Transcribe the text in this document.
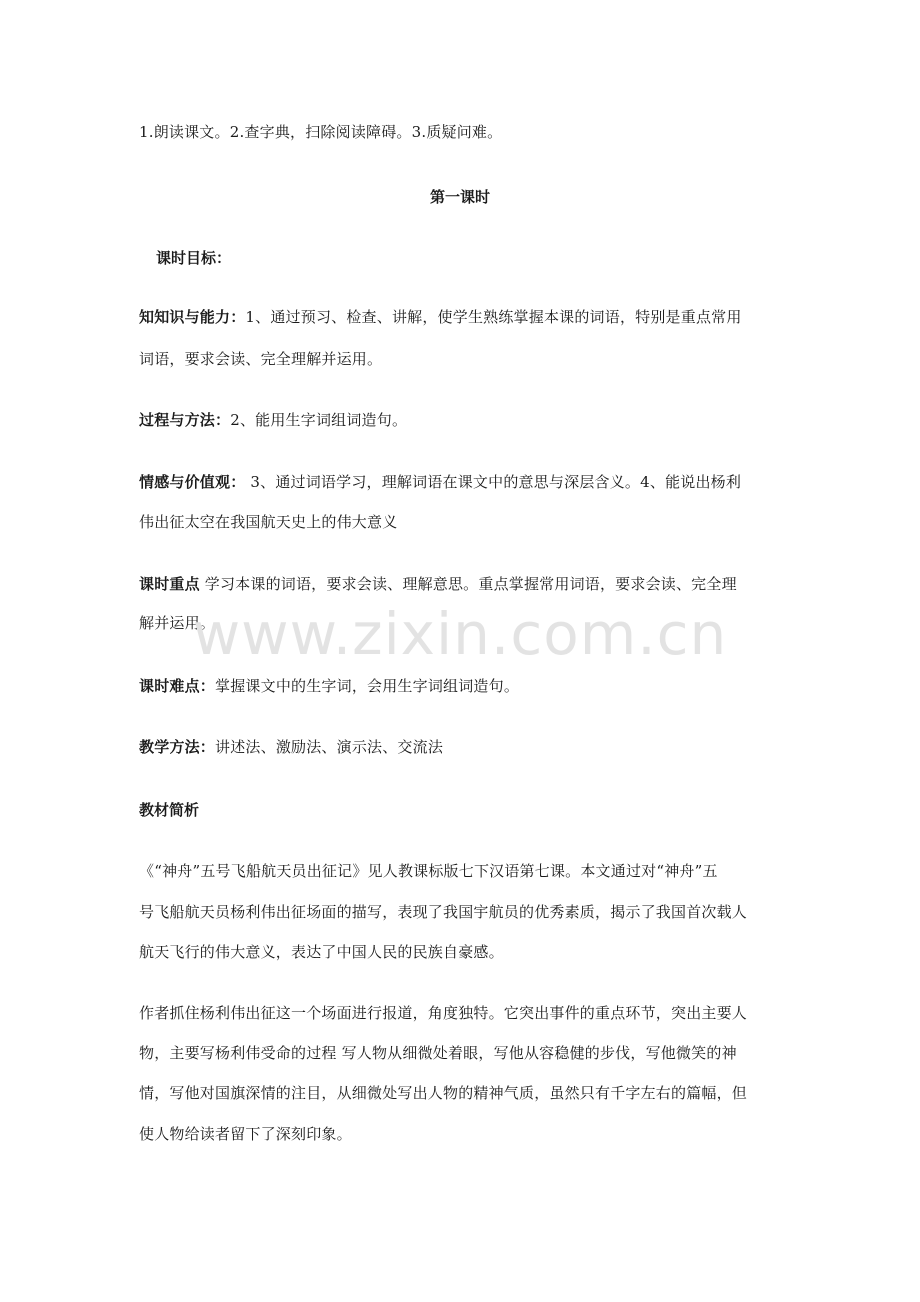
1.朗读课文。2.查字典，扫除阅读障碍。3.质疑问难。
第一课时
课时目标：
知知识与能力：1、通过预习、检查、讲解，使学生熟练掌握本课的词语，特别是重点常用
词语，要求会读、完全理解并运用。
过程与方法：2、能用生字词组词造句。
情感与价值观： 3、通过词语学习，理解词语在课文中的意思与深层含义。4、能说出杨利
伟出征太空在我国航天史上的伟大意义
课时重点 学习本课的词语，要求会读、理解意思。重点掌握常用词语，要求会读、完全理
解并运用。
课时难点：掌握课文中的生字词，会用生字词组词造句。
教学方法：讲述法、激励法、演示法、交流法
教材简析
《“神舟”五号飞船航天员出征记》见人教课标版七下汉语第七课。本文通过对“神舟”五
号飞船航天员杨利伟出征场面的描写，表现了我国宇航员的优秀素质，揭示了我国首次载人
航天飞行的伟大意义，表达了中国人民的民族自豪感。
作者抓住杨利伟出征这一个场面进行报道，角度独特。它突出事件的重点环节，突出主要人
物，主要写杨利伟受命的过程 写人物从细微处着眼，写他从容稳健的步伐，写他微笑的神
情，写他对国旗深情的注目，从细微处写出人物的精神气质，虽然只有千字左右的篇幅，但
使人物给读者留下了深刻印象。
www.zixin.com.cn
